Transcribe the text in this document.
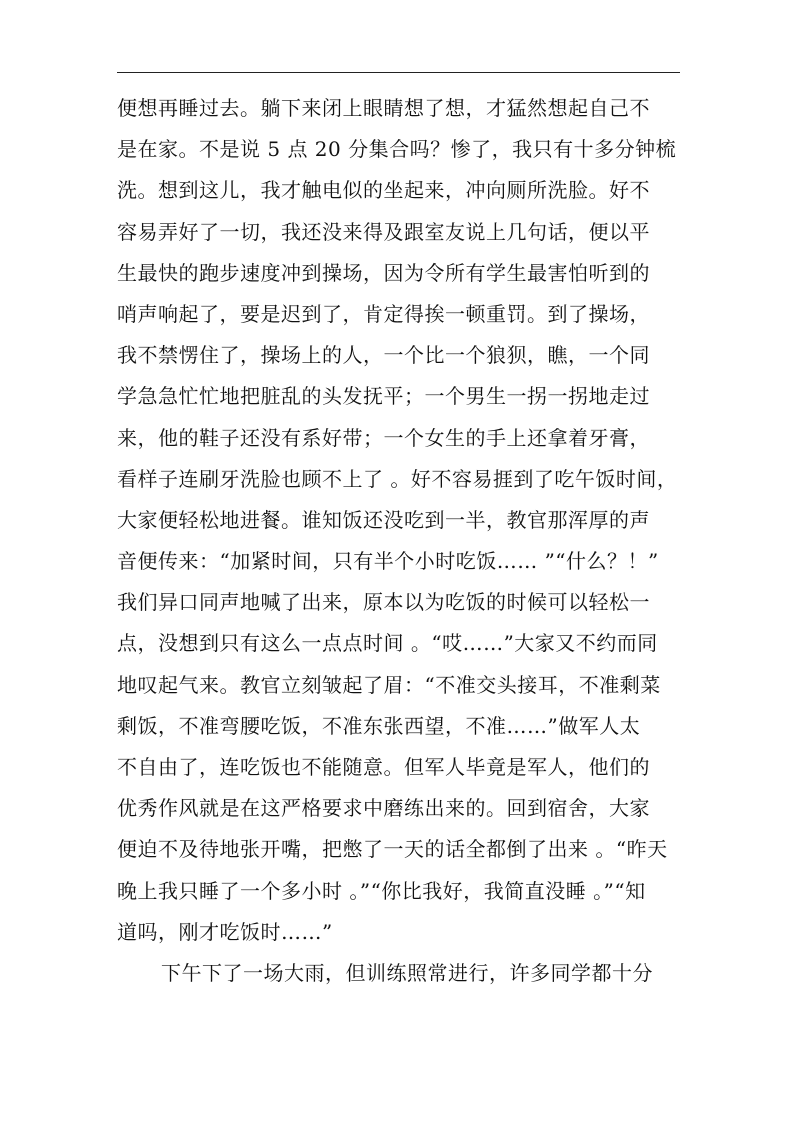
便想再睡过去。躺下来闭上眼睛想了想，才猛然想起自己不
是在家。不是说 5 点 20 分集合吗？惨了，我只有十多分钟梳
洗。想到这儿，我才触电似的坐起来，冲向厕所洗脸。好不
容易弄好了一切，我还没来得及跟室友说上几句话，便以平
生最快的跑步速度冲到操场，因为令所有学生最害怕听到的
哨声响起了，要是迟到了，肯定得挨一顿重罚。到了操场，
我不禁愣住了，操场上的人，一个比一个狼狈，瞧，一个同
学急急忙忙地把脏乱的头发抚平；一个男生一拐一拐地走过
来，他的鞋子还没有系好带；一个女生的手上还拿着牙膏，
看样子连刷牙洗脸也顾不上了 。好不容易捱到了吃午饭时间，
大家便轻松地进餐。谁知饭还没吃到一半，教官那浑厚的声
音便传来：“加紧时间，只有半个小时吃饭…… ”“什么？！”
我们异口同声地喊了出来，原本以为吃饭的时候可以轻松一
点，没想到只有这么一点点时间 。“哎……”大家又不约而同
地叹起气来。教官立刻皱起了眉：“不准交头接耳，不准剩菜
剩饭，不准弯腰吃饭，不准东张西望，不准……”做军人太
不自由了，连吃饭也不能随意。但军人毕竟是军人，他们的
优秀作风就是在这严格要求中磨练出来的。回到宿舍，大家
便迫不及待地张开嘴，把憋了一天的话全都倒了出来 。“昨天
晚上我只睡了一个多小时 。”“你比我好，我简直没睡 。”“知
道吗，刚才吃饭时……”
下午下了一场大雨，但训练照常进行，许多同学都十分
